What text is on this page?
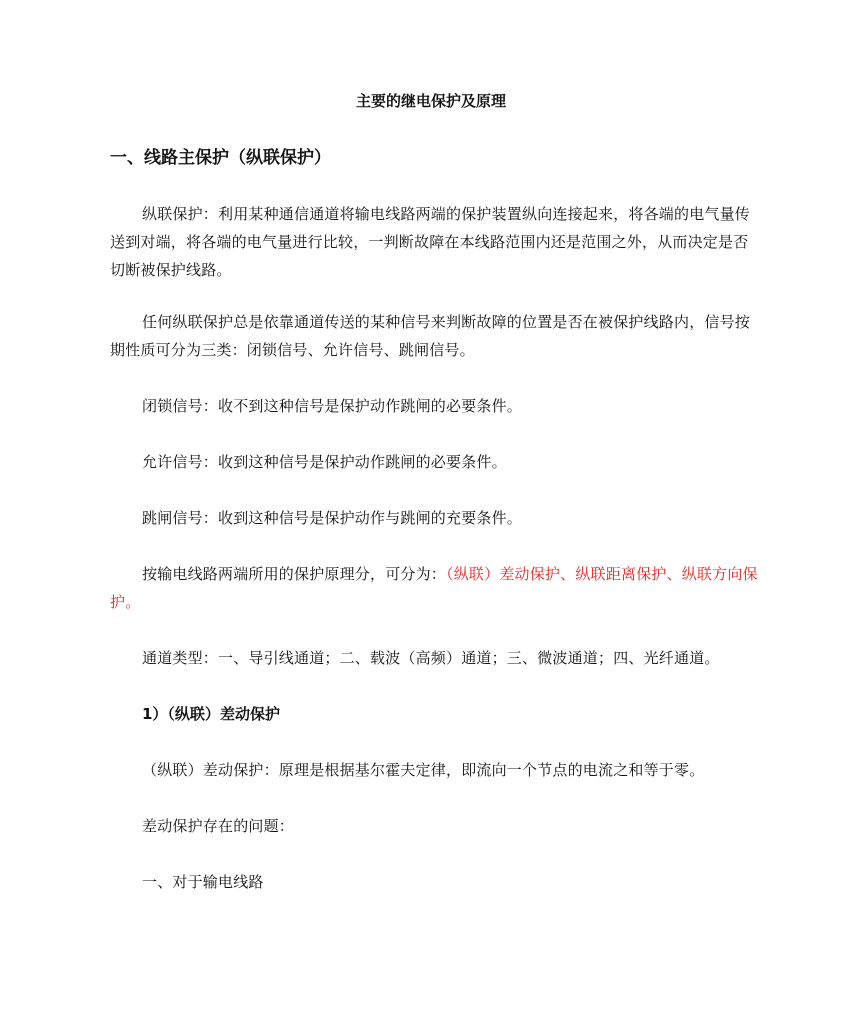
主要的继电保护及原理
一、线路主保护（纵联保护）

纵联保护：利用某种通信通道将输电线路两端的保护装置纵向连接起来，将各端的电气量传送到对端，将各端的电气量进行比较，一判断故障在本线路范围内还是范围之外，从而决定是否切断被保护线路。

任何纵联保护总是依靠通道传送的某种信号来判断故障的位置是否在被保护线路内，信号按期性质可分为三类：闭锁信号、允许信号、跳闸信号。

闭锁信号：收不到这种信号是保护动作跳闸的必要条件。

允许信号：收到这种信号是保护动作跳闸的必要条件。

跳闸信号：收到这种信号是保护动作与跳闸的充要条件。

按输电线路两端所用的保护原理分，可分为：（纵联）差动保护、纵联距离保护、纵联方向保护。

通道类型：一、导引线通道；二、载波（高频）通道；三、微波通道；四、光纤通道。

1）（纵联）差动保护

（纵联）差动保护：原理是根据基尔霍夫定律，即流向一个节点的电流之和等于零。

差动保护存在的问题：

一、对于输电线路
